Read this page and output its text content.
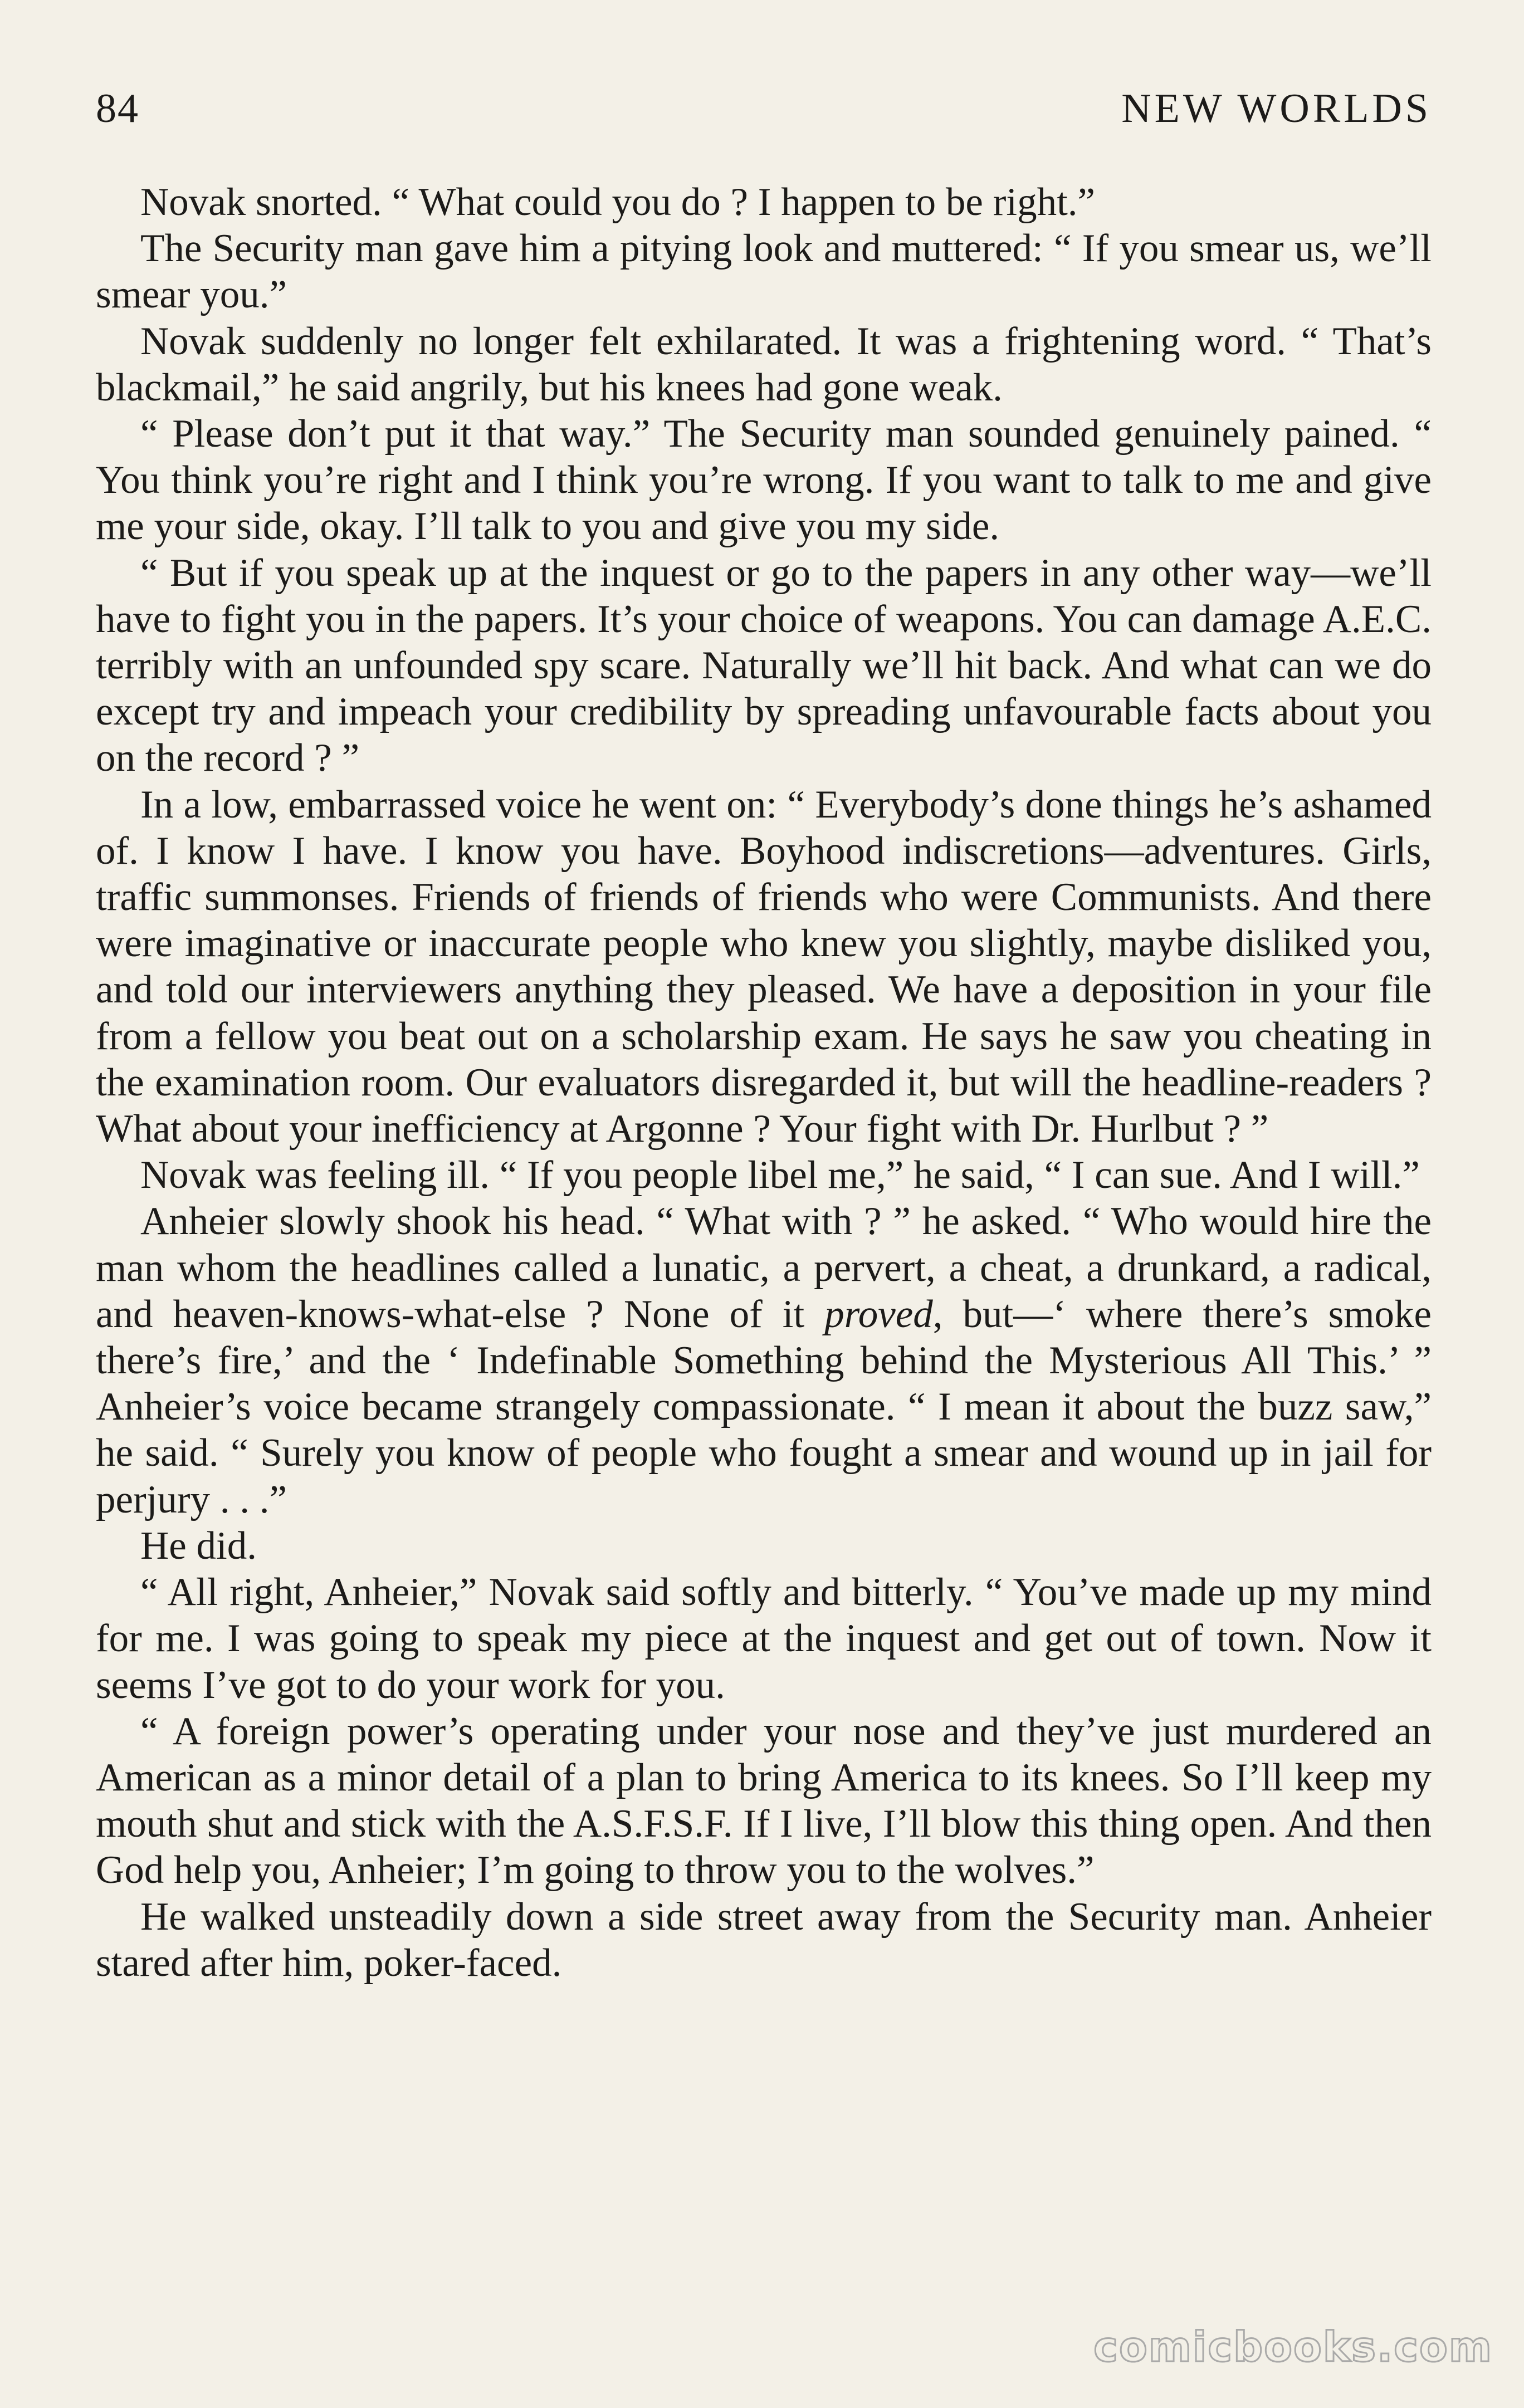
84	NEW WORLDS

Novak snorted. “ What could you do ? I happen to be right.”

The Security man gave him a pitying look and muttered: “ If you smear us, we’ll smear you.”

Novak suddenly no longer felt exhilarated. It was a frightening word. “ That’s blackmail,” he said angrily, but his knees had gone weak.

“ Please don’t put it that way.” The Security man sounded genuinely pained. “ You think you’re right and I think you’re wrong. If you want to talk to me and give me your side, okay. I’ll talk to you and give you my side.

“ But if you speak up at the inquest or go to the papers in any other way—we’ll have to fight you in the papers. It’s your choice of weapons. You can damage A.E.C. terribly with an unfounded spy scare. Naturally we’ll hit back. And what can we do except try and impeach your credibility by spreading unfavourable facts about you on the record ? ”

In a low, embarrassed voice he went on: “ Everybody’s done things he’s ashamed of. I know I have. I know you have. Boyhood indiscretions—adventures. Girls, traffic summonses. Friends of friends of friends who were Communists. And there were imaginative or inaccurate people who knew you slightly, maybe disliked you, and told our interviewers anything they pleased. We have a deposition in your file from a fellow you beat out on a scholarship exam. He says he saw you cheating in the examination room. Our evaluators disregarded it, but will the headline-readers ? What about your inefficiency at Argonne ? Your fight with Dr. Hurlbut ? ”

Novak was feeling ill. “ If you people libel me,” he said, “ I can sue. And I will.”

Anheier slowly shook his head. “ What with ? ” he asked. “ Who would hire the man whom the headlines called a lunatic, a pervert, a cheat, a drunkard, a radical, and heaven-knows-what-else ? None of it proved, but—‘ where there’s smoke there’s fire,’ and the ‘ Indefinable Something behind the Mysterious All This.’ ” Anheier’s voice became strangely compassionate. “ I mean it about the buzz saw,” he said. “ Surely you know of people who fought a smear and wound up in jail for perjury . . .”

He did.

“ All right, Anheier,” Novak said softly and bitterly. “ You’ve made up my mind for me. I was going to speak my piece at the inquest and get out of town. Now it seems I’ve got to do your work for you.

“ A foreign power’s operating under your nose and they’ve just murdered an American as a minor detail of a plan to bring America to its knees. So I’ll keep my mouth shut and stick with the A.S.F.S.F. If I live, I’ll blow this thing open. And then God help you, Anheier; I’m going to throw you to the wolves.”

He walked unsteadily down a side street away from the Security man. Anheier stared after him, poker-faced.

comicbooks.com
